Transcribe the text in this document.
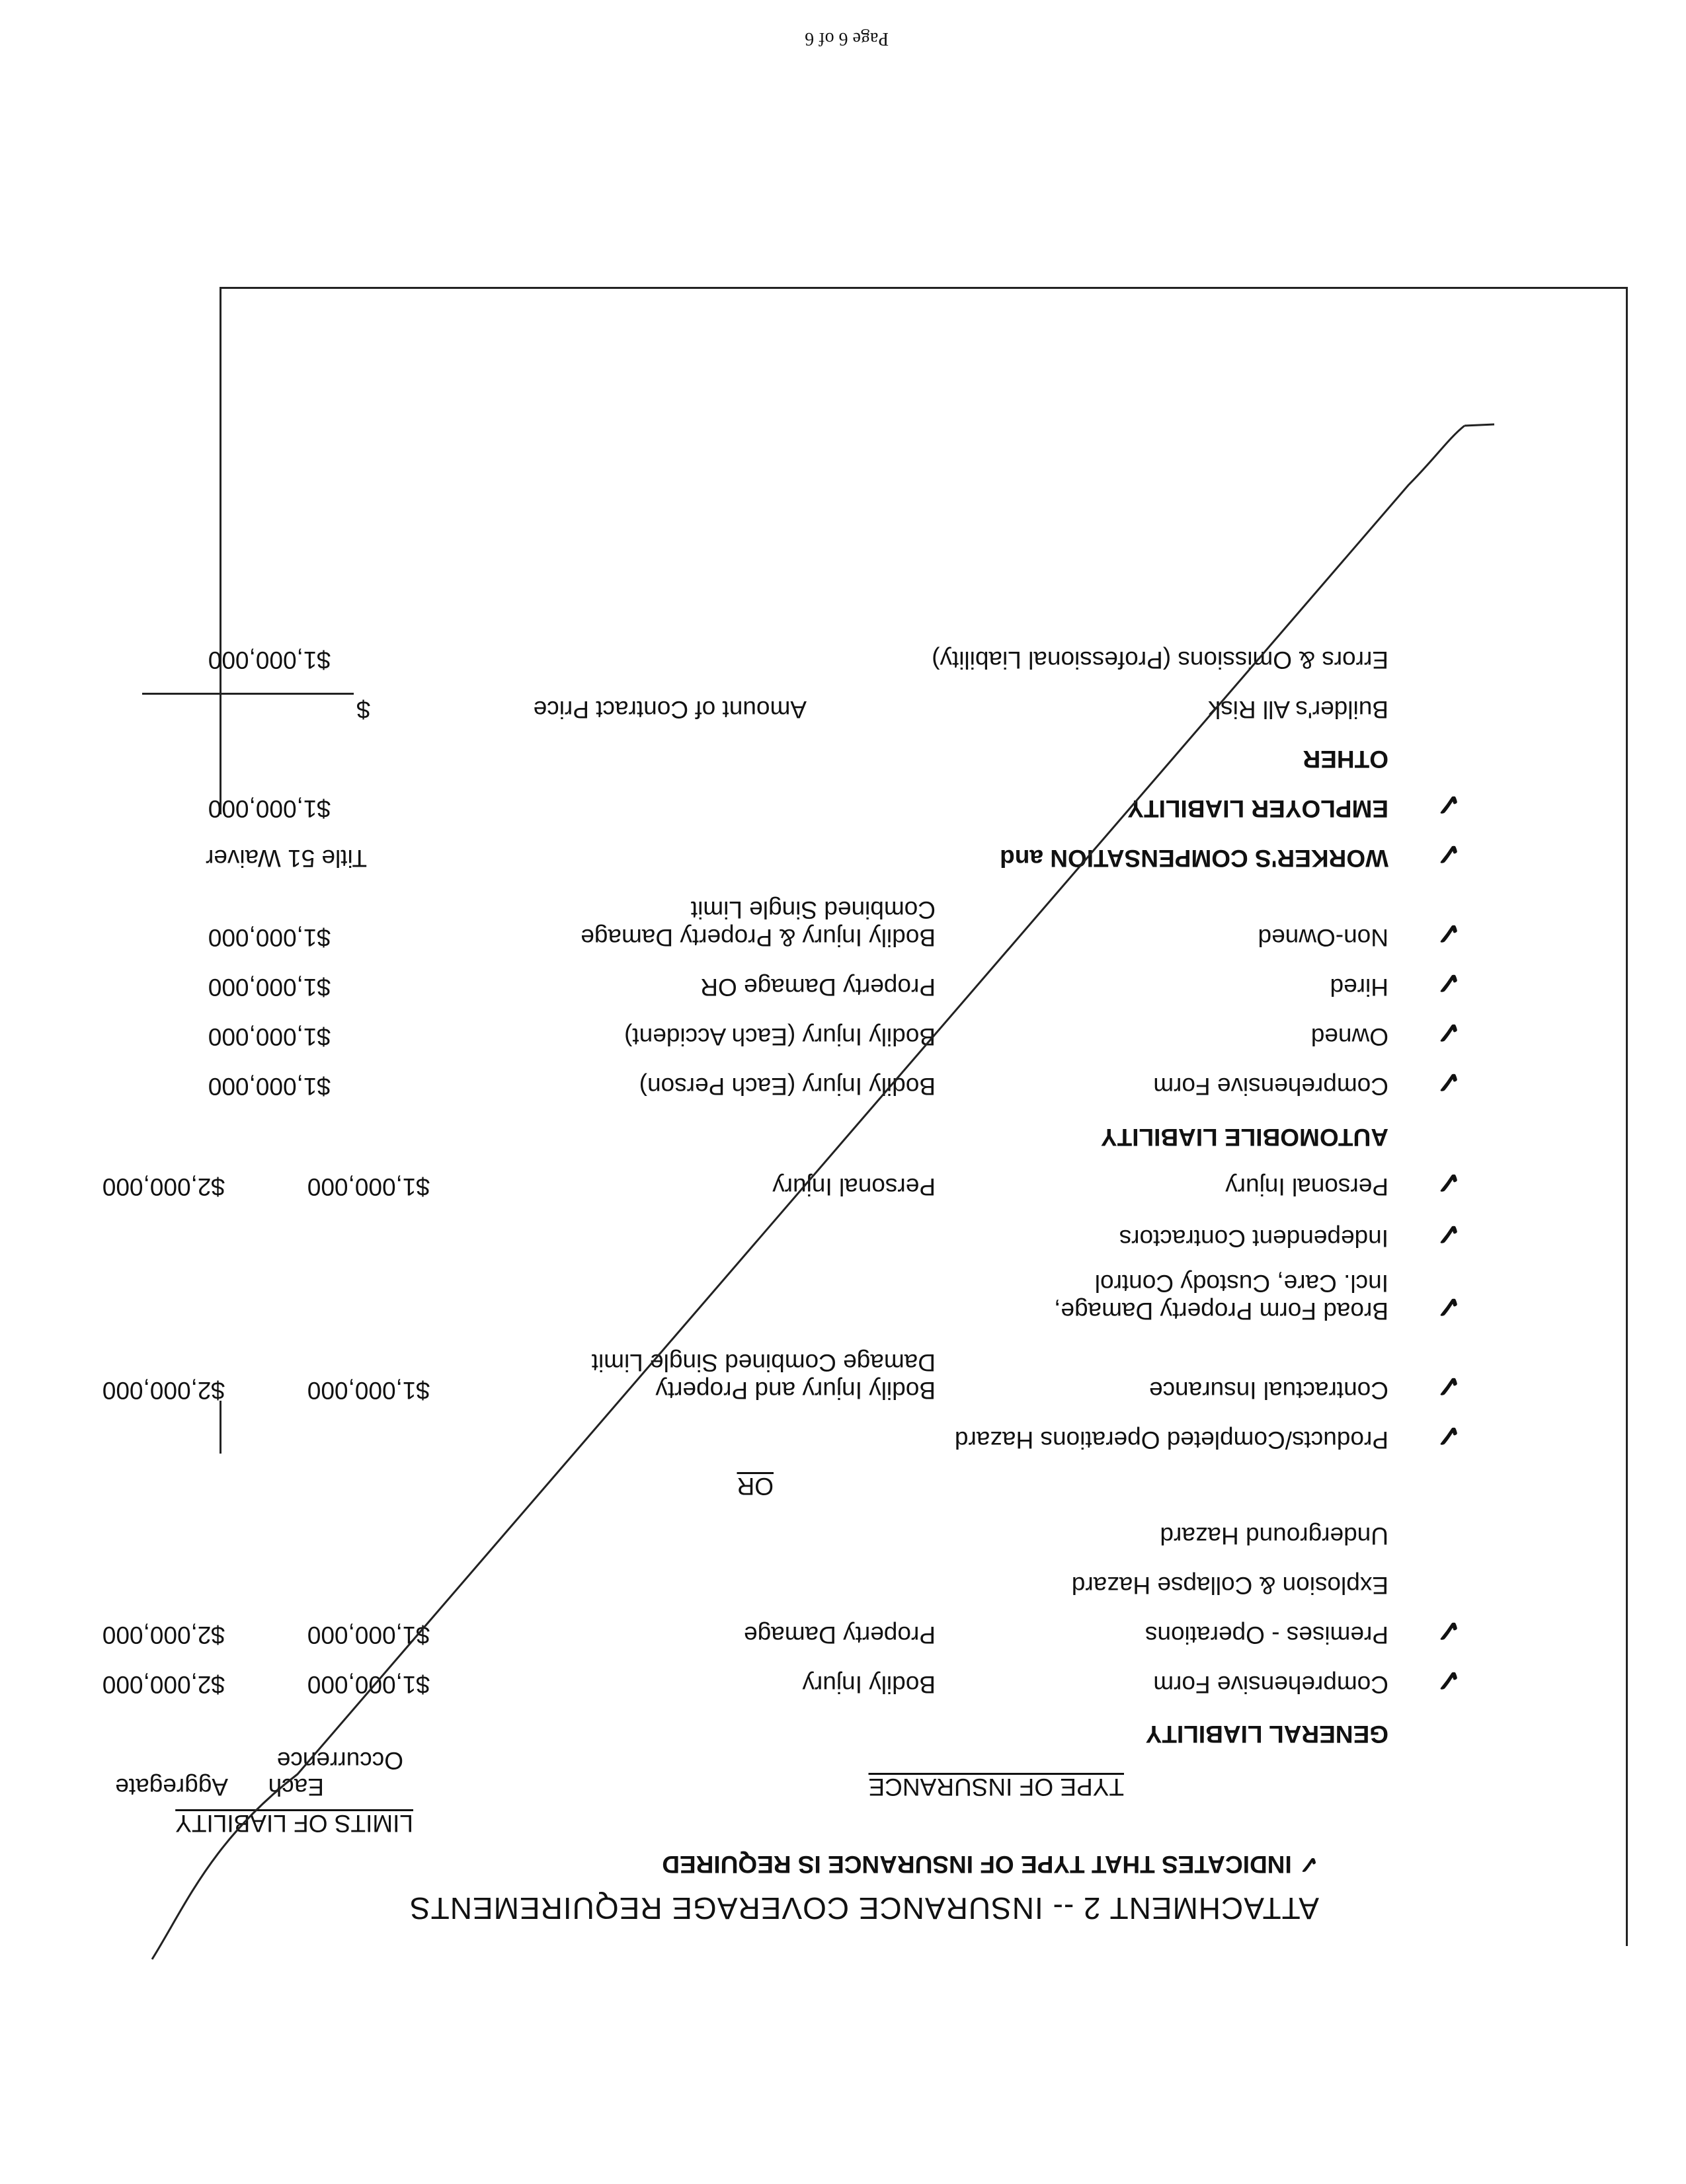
ATTACHMENT 2 -- INSURANCE COVERAGE REQUIREMENTS
✓ INDICATES THAT TYPE OF INSURANCE IS REQUIRED
LIMITS OF LIABILITY
TYPE OF INSURANCE
Each
Occurrence
Aggregate
GENERAL LIABILITY
✓
Comprehensive Form
Bodily Injury
$1,000,000
$2,000,000
✓
Premises - Operations
Property Damage
$1,000,000
$2,000,000
Explosion & Collapse Hazard
Underground Hazard
OR
✓
Products/Completed Operations Hazard
✓
Contractual Insurance
Bodily Injury and Property
Damage Combined Single Limit
$1,000,000
$2,000,000
✓
Broad Form Property Damage,
Incl. Care, Custody Control
✓
Independent Contractors
✓
Personal Injury
Personal Injury
$1,000,000
$2,000,000
AUTOMOBILE LIABILITY
✓
Comprehensive Form
Bodily Injury (Each Person)
$1,000,000
✓
Owned
Bodily Injury (Each Accident)
$1,000,000
✓
Hired
Property Damage OR
$1,000,000
✓
Non-Owned
Bodily Injury & Property Damage
Combined Single Limit
$1,000,000
✓
WORKER'S COMPENSATION and
Title 51 Waiver
✓
EMPLOYER LIABILITY
$1,000,000
OTHER
Builder's All Risk
Amount of Contract Price
$
Errors & Omissions (Professional Liability)
$1,000,000
Page 6 of 6
